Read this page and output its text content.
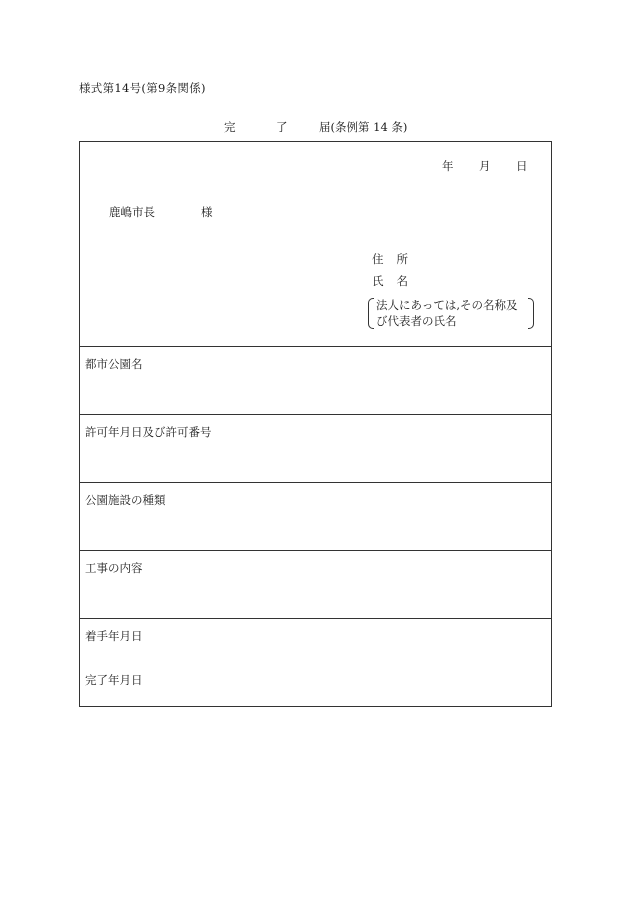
様式第14号(第9条関係)
完	了	届(条例第 14 条)
年 月 日
鹿嶋市長	様
住所
氏名
法人にあっては,その名称及
び代表者の氏名
都市公園名
許可年月日及び許可番号
公園施設の種類
工事の内容
着手年月日
完了年月日
